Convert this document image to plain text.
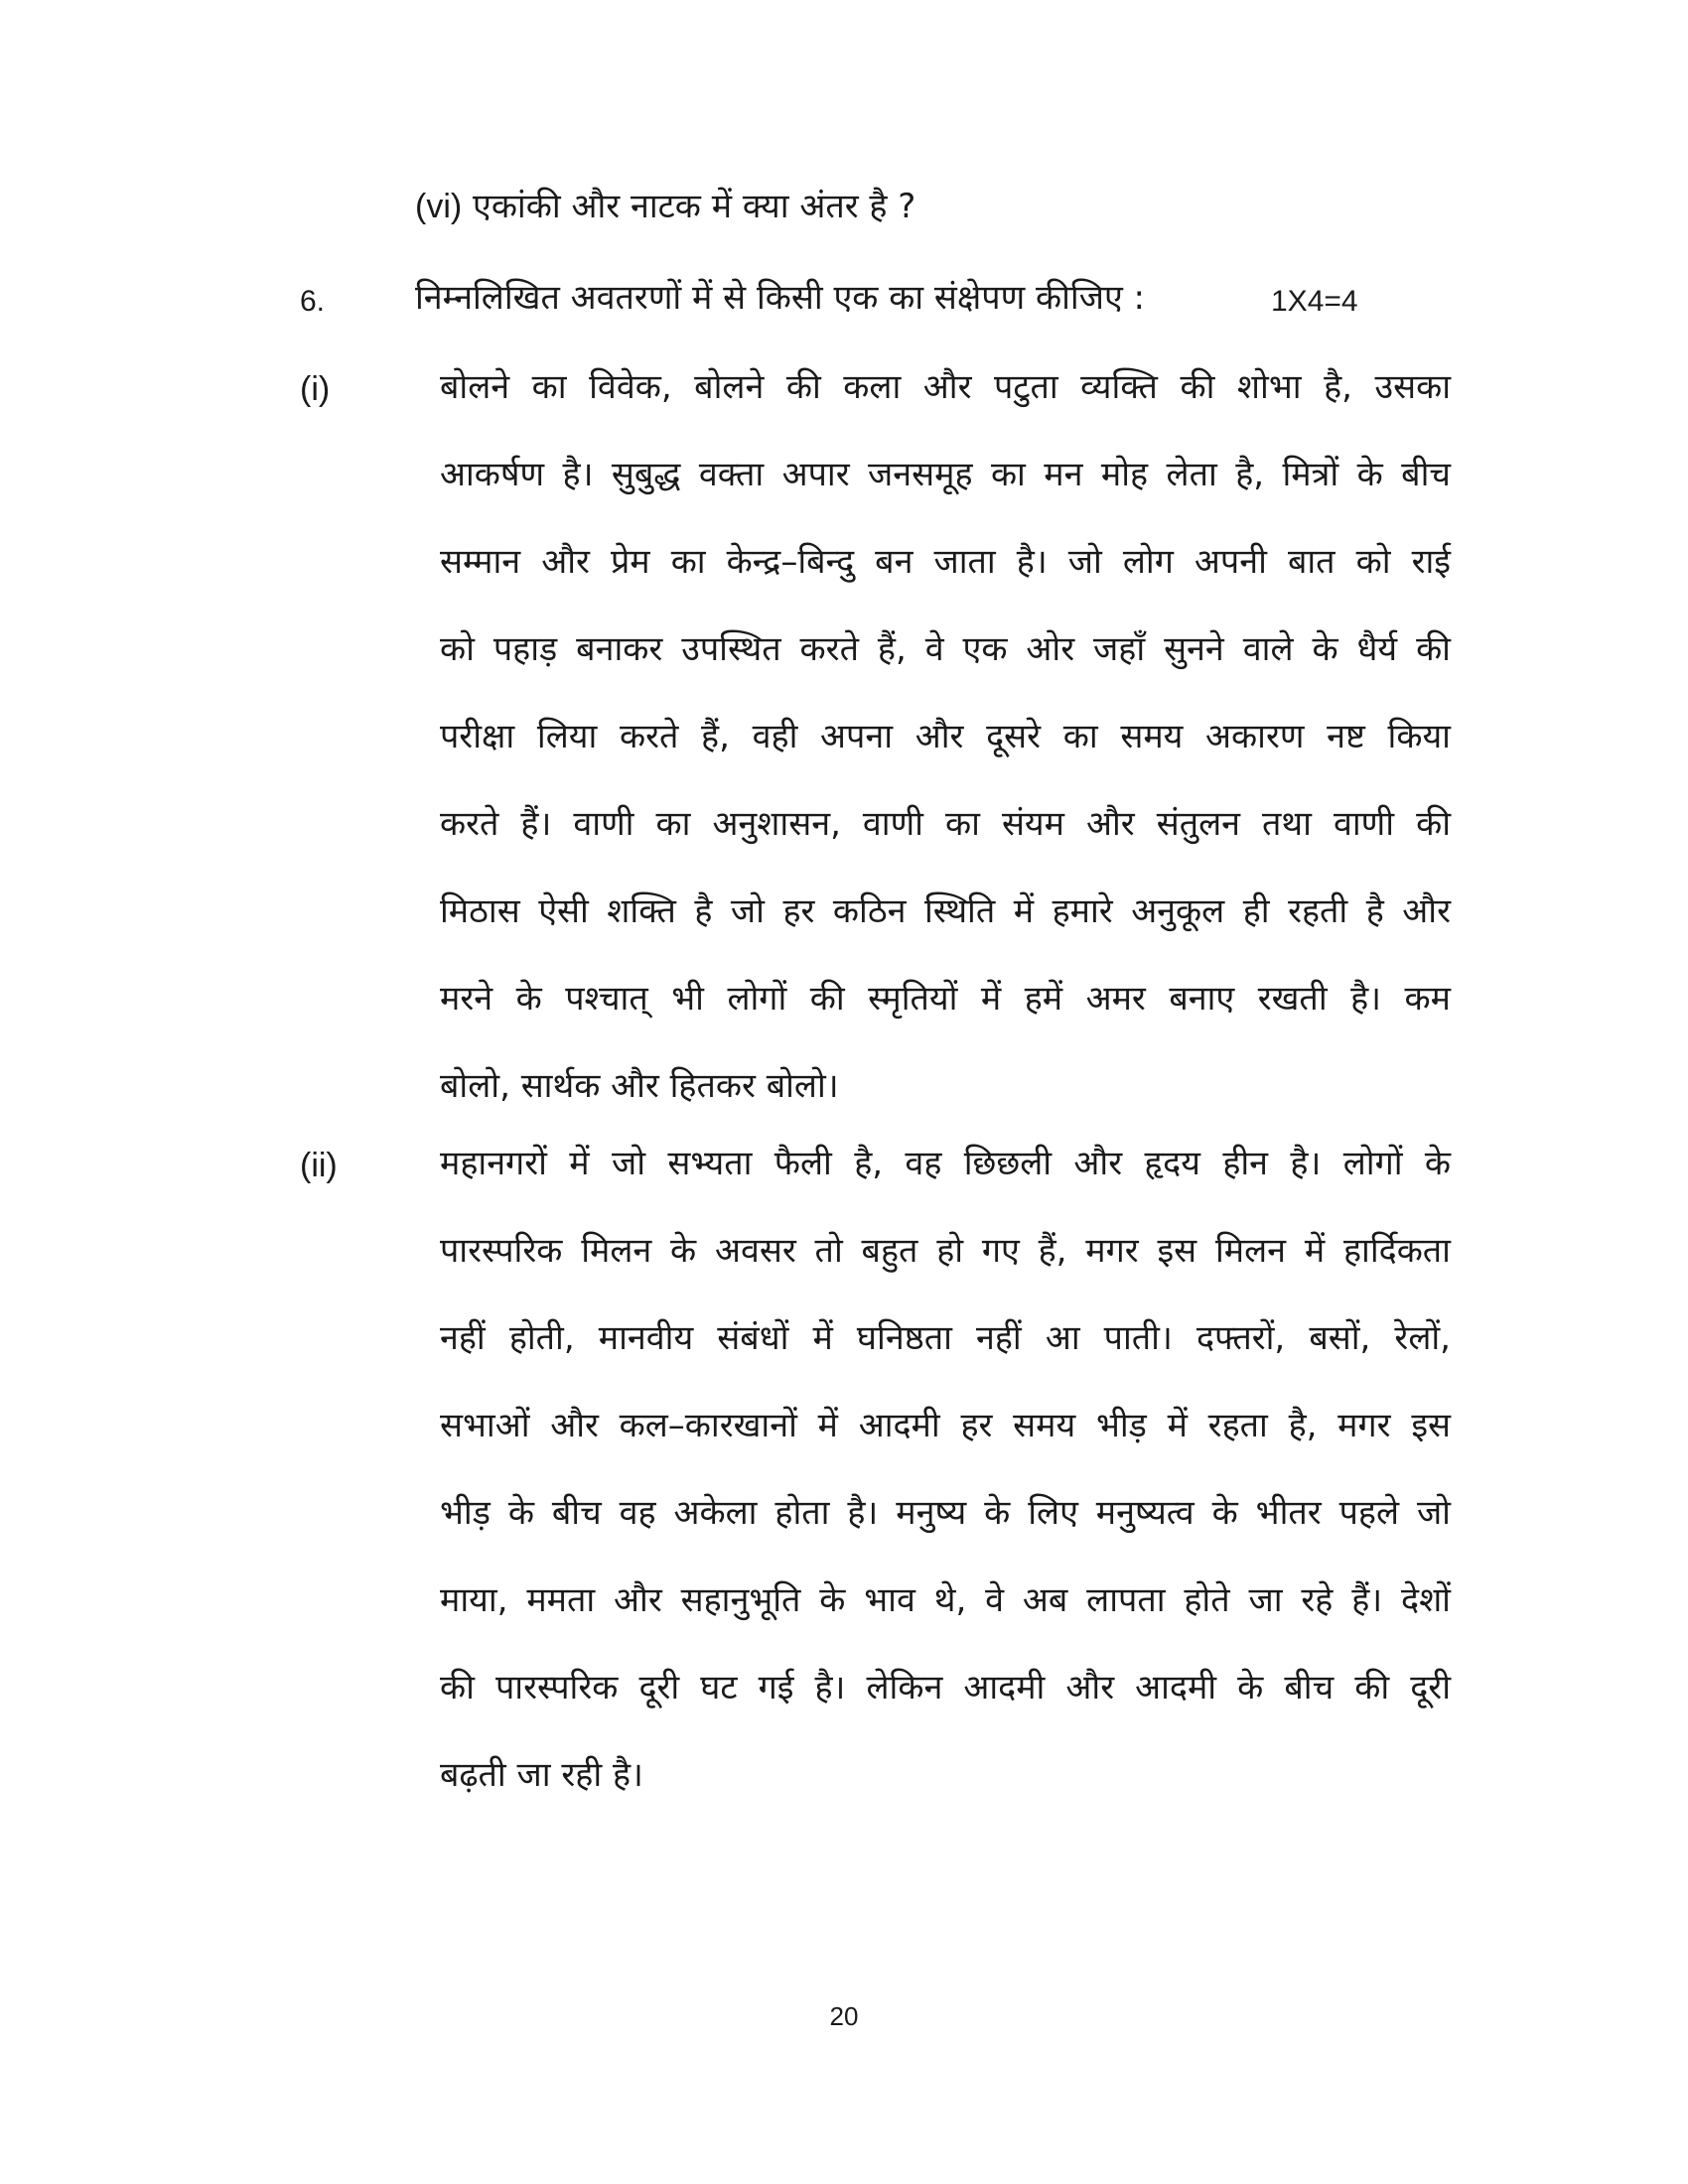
(vi) एकांकी और नाटक में क्या अंतर है ?
6.	निम्नलिखित अवतरणों में से किसी एक का संक्षेपण कीजिए :	1X4=4
(i)	बोलने का विवेक, बोलने की कला और पटुता व्यक्ति की शोभा है, उसका
आकर्षण है। सुबुद्ध वक्ता अपार जनसमूह का मन मोह लेता है, मित्रों के बीच
सम्मान और प्रेम का केन्द्र–बिन्दु बन जाता है। जो लोग अपनी बात को राई
को पहाड़ बनाकर उपस्थित करते हैं, वे एक ओर जहाँ सुनने वाले के धैर्य की
परीक्षा लिया करते हैं, वही अपना और दूसरे का समय अकारण नष्ट किया
करते हैं। वाणी का अनुशासन, वाणी का संयम और संतुलन तथा वाणी की
मिठास ऐसी शक्ति है जो हर कठिन स्थिति में हमारे अनुकूल ही रहती है और
मरने के पश्चात् भी लोगों की स्मृतियों में हमें अमर बनाए रखती है। कम
बोलो, सार्थक और हितकर बोलो।
(ii)	महानगरों में जो सभ्यता फैली है, वह छिछली और हृदय हीन है। लोगों के
पारस्परिक मिलन के अवसर तो बहुत हो गए हैं, मगर इस मिलन में हार्दिकता
नहीं होती, मानवीय संबंधों में घनिष्ठता नहीं आ पाती। दफ्तरों, बसों, रेलों,
सभाओं और कल–कारखानों में आदमी हर समय भीड़ में रहता है, मगर इस
भीड़ के बीच वह अकेला होता है। मनुष्य के लिए मनुष्यत्व के भीतर पहले जो
माया, ममता और सहानुभूति के भाव थे, वे अब लापता होते जा रहे हैं। देशों
की पारस्परिक दूरी घट गई है। लेकिन आदमी और आदमी के बीच की दूरी
बढ़ती जा रही है।
20
